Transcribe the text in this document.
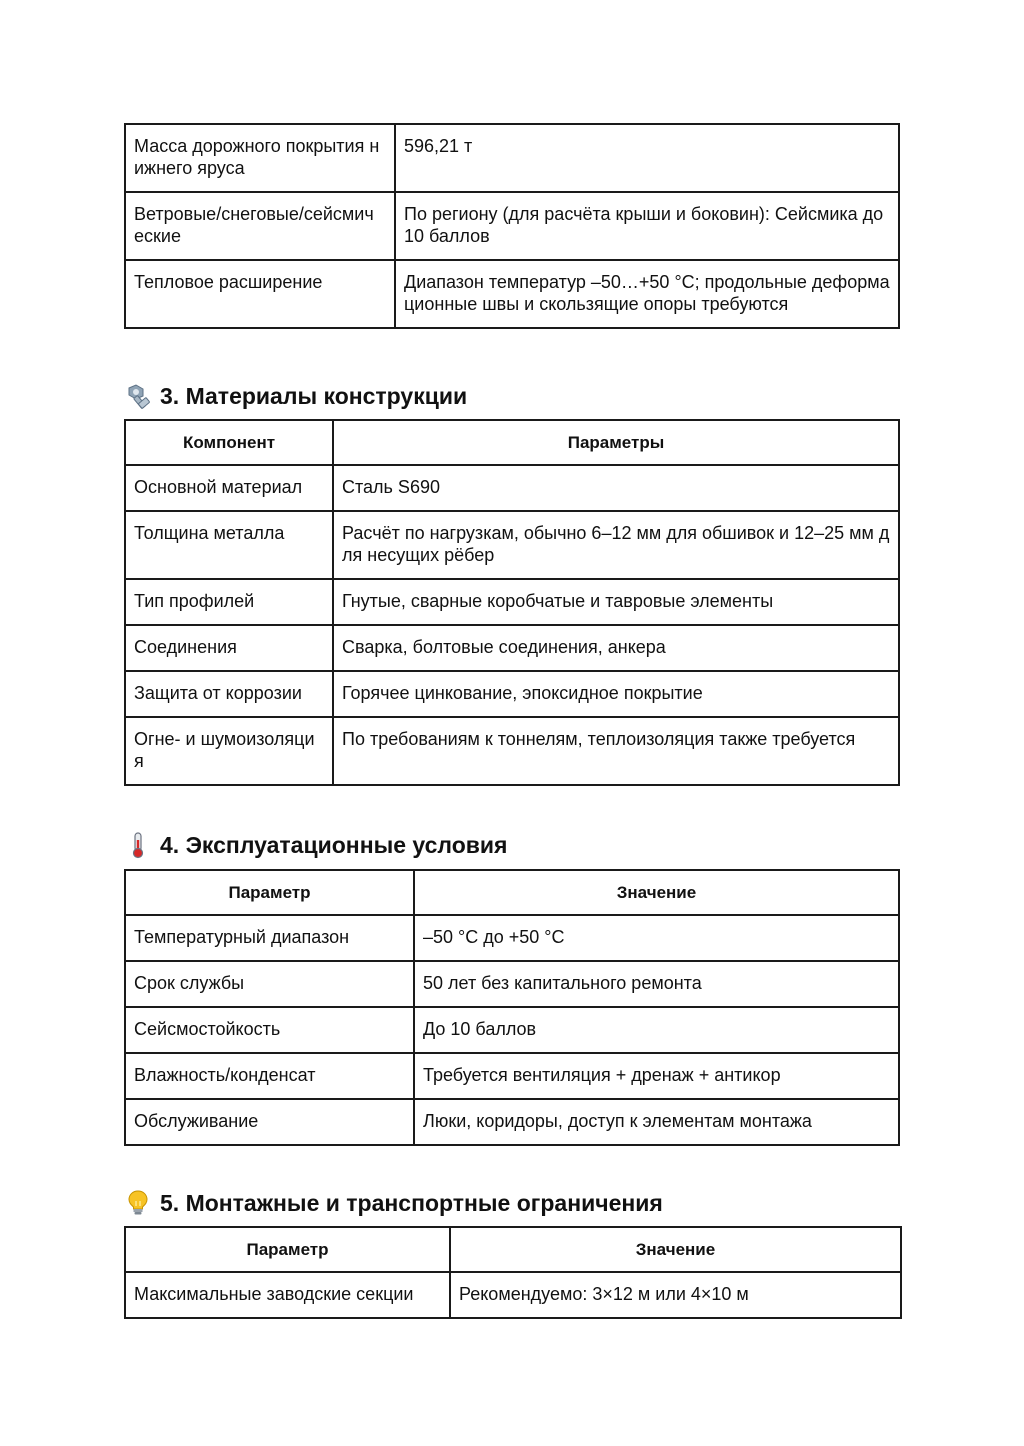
Масса дорожного покрытия нижнего яруса	596,21 т
Ветровые/снеговые/сейсмич еские	По региону (для расчёта крыши и боковин): Сейсмика до 10 баллов
Тепловое расширение	Диапазон температур –50…+50 °C; продольные деформационные швы и скользящие опоры требуются
3. Материалы конструкции
Компонент	Параметры
Основной материал	Сталь S690
Толщина металла	Расчёт по нагрузкам, обычно 6–12 мм для обшивок и 12–25 мм для несущих рёбер
Тип профилей	Гнутые, сварные коробчатые и тавровые элементы
Соединения	Сварка, болтовые соединения, анкера
Защита от коррозии	Горячее цинкование, эпоксидное покрытие
Огне- и шумоизоляция	По требованиям к тоннелям, теплоизоляция также требуется
4. Эксплуатационные условия
Параметр	Значение
Температурный диапазон	–50 °C до +50 °C
Срок службы	50 лет без капитального ремонта
Сейсмостойкость	До 10 баллов
Влажность/конденсат	Требуется вентиляция + дренаж + антикор
Обслуживание	Люки, коридоры, доступ к элементам монтажа
5. Монтажные и транспортные ограничения
Параметр	Значение
Максимальные заводские секции	Рекомендуемо: 3×12 м или 4×10 м
